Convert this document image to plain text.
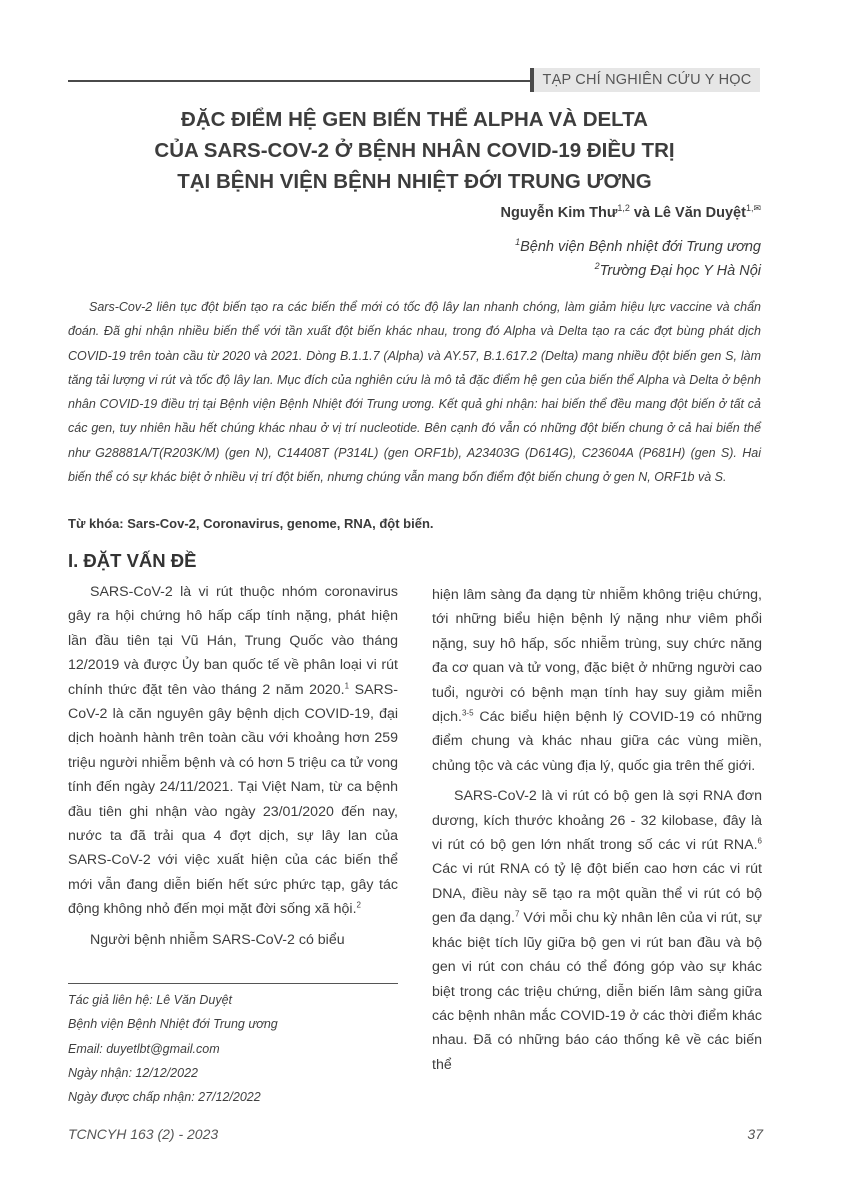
TẠP CHÍ NGHIÊN CỨU Y HỌC
ĐẶC ĐIỂM HỆ GEN BIẾN THỂ ALPHA VÀ DELTA
CỦA SARS-COV-2 Ở BỆNH NHÂN COVID-19 ĐIỀU TRỊ
TẠI BỆNH VIỆN BỆNH NHIỆT ĐỚI TRUNG ƯƠNG
Nguyễn Kim Thư$^{1,2}$ và Lê Văn Duyệt$^{1,✉}$
$^1$Bệnh viện Bệnh nhiệt đới Trung ương
$^2$Trường Đại học Y Hà Nội

Sars-Cov-2 liên tục đột biến tạo ra các biến thể mới có tốc độ lây lan nhanh chóng, làm giảm hiệu lực vaccine và chẩn đoán. Đã ghi nhận nhiều biến thể với tần xuất đột biến khác nhau, trong đó Alpha và Delta tạo ra các đợt bùng phát dịch COVID-19 trên toàn cầu từ 2020 và 2021. Dòng B.1.1.7 (Alpha) và AY.57, B.1.617.2 (Delta) mang nhiều đột biến gen S, làm tăng tải lượng vi rút và tốc độ lây lan. Mục đích của nghiên cứu là mô tả đặc điểm hệ gen của biến thể Alpha và Delta ở bệnh nhân COVID-19 điều trị tại Bệnh viện Bệnh Nhiệt đới Trung ương. Kết quả ghi nhận: hai biến thể đều mang đột biến ở tất cả các gen, tuy nhiên hầu hết chúng khác nhau ở vị trí nucleotide. Bên cạnh đó vẫn có những đột biến chung ở cả hai biến thể như G28881A/T(R203K/M) (gen N), C14408T (P314L) (gen ORF1b), A23403G (D614G), C23604A (P681H) (gen S). Hai biến thể có sự khác biệt ở nhiều vị trí đột biến, nhưng chúng vẫn mang bốn điểm đột biến chung ở gen N, ORF1b và S.

Từ khóa: Sars-Cov-2, Coronavirus, genome, RNA, đột biến.
I. ĐẶT VẤN ĐỀ

SARS-CoV-2 là vi rút thuộc nhóm coronavirus gây ra hội chứng hô hấp cấp tính nặng, phát hiện lần đầu tiên tại Vũ Hán, Trung Quốc vào tháng 12/2019 và được Ủy ban quốc tế về phân loại vi rút chính thức đặt tên vào tháng 2 năm 2020.$^1$ SARS-CoV-2 là căn nguyên gây bệnh dịch COVID-19, đại dịch hoành hành trên toàn cầu với khoảng hơn 259 triệu người nhiễm bệnh và có hơn 5 triệu ca tử vong tính đến ngày 24/11/2021. Tại Việt Nam, từ ca bệnh đầu tiên ghi nhận vào ngày 23/01/2020 đến nay, nước ta đã trải qua 4 đợt dịch, sự lây lan của SARS-CoV-2 với việc xuất hiện của các biến thể mới vẫn đang diễn biến hết sức phức tạp, gây tác động không nhỏ đến mọi mặt đời sống xã hội.$^2$

Người bệnh nhiễm SARS-CoV-2 có biểu

hiện lâm sàng đa dạng từ nhiễm không triệu chứng, tới những biểu hiện bệnh lý nặng như viêm phổi nặng, suy hô hấp, sốc nhiễm trùng, suy chức năng đa cơ quan và tử vong, đặc biệt ở những người cao tuổi, người có bệnh mạn tính hay suy giảm miễn dịch.$^{3-5}$ Các biểu hiện bệnh lý COVID-19 có những điểm chung và khác nhau giữa các vùng miền, chủng tộc và các vùng địa lý, quốc gia trên thế giới.

SARS-CoV-2 là vi rút có bộ gen là sợi RNA đơn dương, kích thước khoảng 26 - 32 kilobase, đây là vi rút có bộ gen lớn nhất trong số các vi rút RNA.$^6$ Các vi rút RNA có tỷ lệ đột biến cao hơn các vi rút DNA, điều này sẽ tạo ra một quần thể vi rút có bộ gen đa dạng.$^7$ Với mỗi chu kỳ nhân lên của vi rút, sự khác biệt tích lũy giữa bộ gen vi rút ban đầu và bộ gen vi rút con cháu có thể đóng góp vào sự khác biệt trong các triệu chứng, diễn biến lâm sàng giữa các bệnh nhân mắc COVID-19 ở các thời điểm khác nhau. Đã có những báo cáo thống kê về các biến thể

Tác giả liên hệ: Lê Văn Duyệt
Bệnh viện Bệnh Nhiệt đới Trung ương
Email: duyetlbt@gmail.com
Ngày nhận: 12/12/2022
Ngày được chấp nhận: 27/12/2022
TCNCYH 163 (2) - 2023	37
